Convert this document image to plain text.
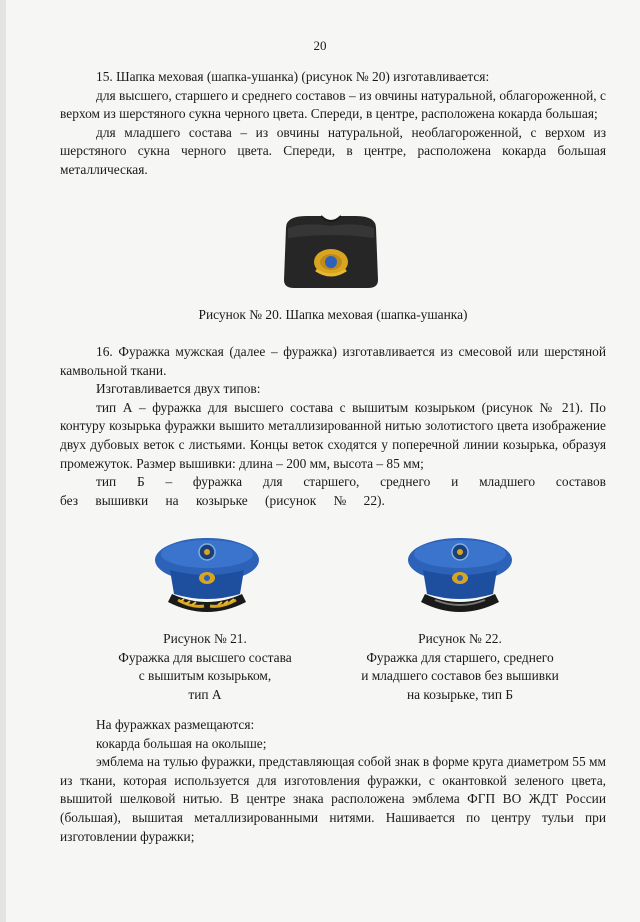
20

15. Шапка меховая (шапка-ушанка) (рисунок № 20) изготавливается:

для высшего, старшего и среднего составов – из овчины натуральной, облагороженной, с верхом из шерстяного сукна черного цвета. Спереди, в центре, расположена кокарда большая;

для младшего состава – из овчины натуральной, необлагороженной, с верхом из шерстяного сукна черного цвета. Спереди, в центре, расположена кокарда большая металлическая.

Рисунок № 20. Шапка меховая (шапка-ушанка)

16. Фуражка мужская (далее – фуражка) изготавливается из смесовой или шерстяной камвольной ткани.

Изготавливается двух типов:

тип А – фуражка для высшего состава с вышитым козырьком (рисунок № 21). По контуру козырька фуражки вышито металлизированной нитью золотистого цвета изображение двух дубовых веток с листьями. Концы веток сходятся у поперечной линии козырька, образуя промежуток. Размер вышивки: длина – 200 мм, высота – 85 мм;

тип Б – фуражка для старшего, среднего и младшего составов без вышивки на козырьке (рисунок № 22).

Рисунок № 21.
Фуражка для высшего состава
с вышитым козырьком,
тип А
Рисунок № 22.
Фуражка для старшего, среднего
и младшего составов без вышивки
на козырьке, тип Б

На фуражках размещаются:

кокарда большая на околыше;

эмблема на тулью фуражки, представляющая собой знак в форме круга диаметром 55 мм из ткани, которая используется для изготовления фуражки, с окантовкой зеленого цвета, вышитой шелковой нитью. В центре знака расположена эмблема ФГП ВО ЖДТ России (большая), вышитая металлизированными нитями. Нашивается по центру тульи при изготовлении фуражки;
